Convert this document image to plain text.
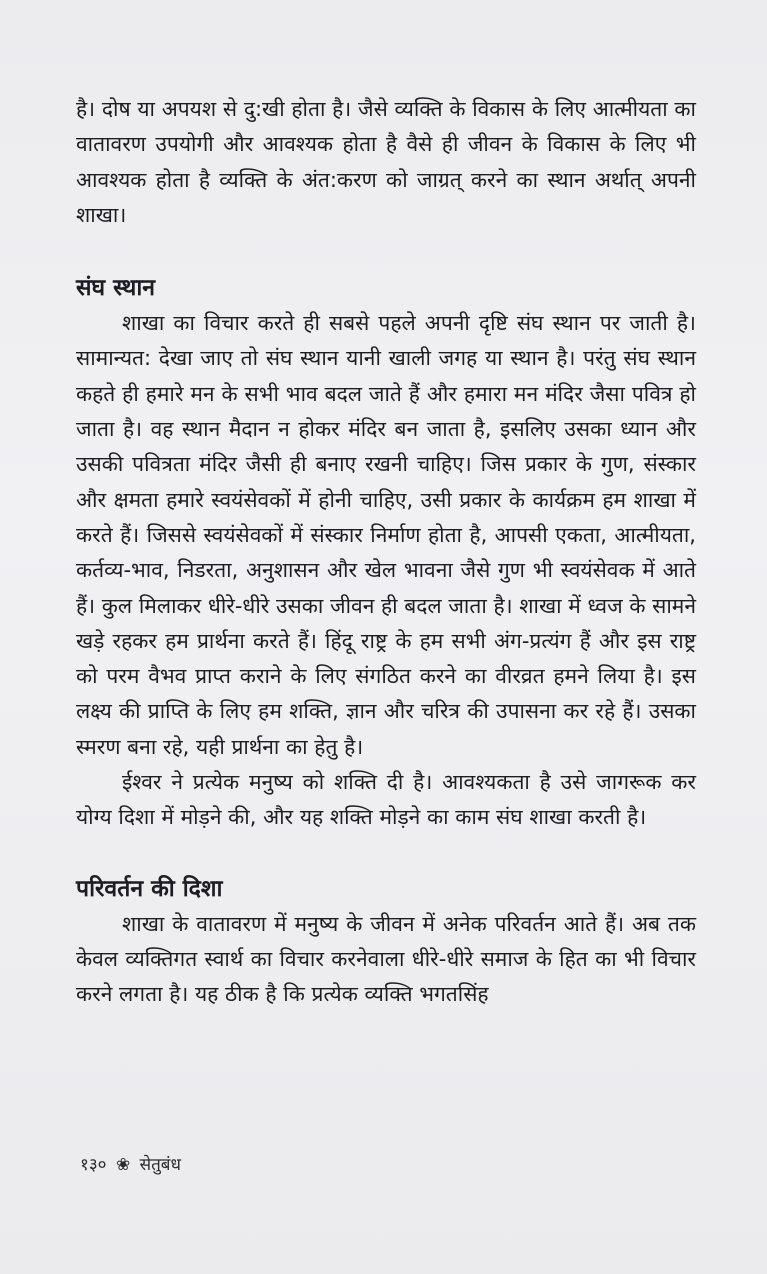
है। दोष या अपयश से दु:खी होता है। जैसे व्यक्ति के विकास के लिए आत्मीयता का वातावरण उपयोगी और आवश्यक होता है वैसे ही जीवन के विकास के लिए भी आवश्यक होता है व्यक्ति के अंत:करण को जाग्रत् करने का स्थान अर्थात् अपनी शाखा।

संघ स्थान

शाखा का विचार करते ही सबसे पहले अपनी दृष्टि संघ स्थान पर जाती है। सामान्यत: देखा जाए तो संघ स्थान यानी खाली जगह या स्थान है। परंतु संघ स्थान कहते ही हमारे मन के सभी भाव बदल जाते हैं और हमारा मन मंदिर जैसा पवित्र हो जाता है। वह स्थान मैदान न होकर मंदिर बन जाता है, इसलिए उसका ध्यान और उसकी पवित्रता मंदिर जैसी ही बनाए रखनी चाहिए। जिस प्रकार के गुण, संस्कार और क्षमता हमारे स्वयंसेवकों में होनी चाहिए, उसी प्रकार के कार्यक्रम हम शाखा में करते हैं। जिससे स्वयंसेवकों में संस्कार निर्माण होता है, आपसी एकता, आत्मीयता, कर्तव्य-भाव, निडरता, अनुशासन और खेल भावना जैसे गुण भी स्वयंसेवक में आते हैं। कुल मिलाकर धीरे-धीरे उसका जीवन ही बदल जाता है। शाखा में ध्वज के सामने खड़े रहकर हम प्रार्थना करते हैं। हिंदू राष्ट्र के हम सभी अंग-प्रत्यंग हैं और इस राष्ट्र को परम वैभव प्राप्त कराने के लिए संगठित करने का वीरव्रत हमने लिया है। इस लक्ष्य की प्राप्ति के लिए हम शक्ति, ज्ञान और चरित्र की उपासना कर रहे हैं। उसका स्मरण बना रहे, यही प्रार्थना का हेतु है।

ईश्वर ने प्रत्येक मनुष्य को शक्ति दी है। आवश्यकता है उसे जागरूक कर योग्य दिशा में मोड़ने की, और यह शक्ति मोड़ने का काम संघ शाखा करती है।

परिवर्तन की दिशा

शाखा के वातावरण में मनुष्य के जीवन में अनेक परिवर्तन आते हैं। अब तक केवल व्यक्तिगत स्वार्थ का विचार करनेवाला धीरे-धीरे समाज के हित का भी विचार करने लगता है। यह ठीक है कि प्रत्येक व्यक्ति भगतसिंह

१३० ❀ सेतुबंध
